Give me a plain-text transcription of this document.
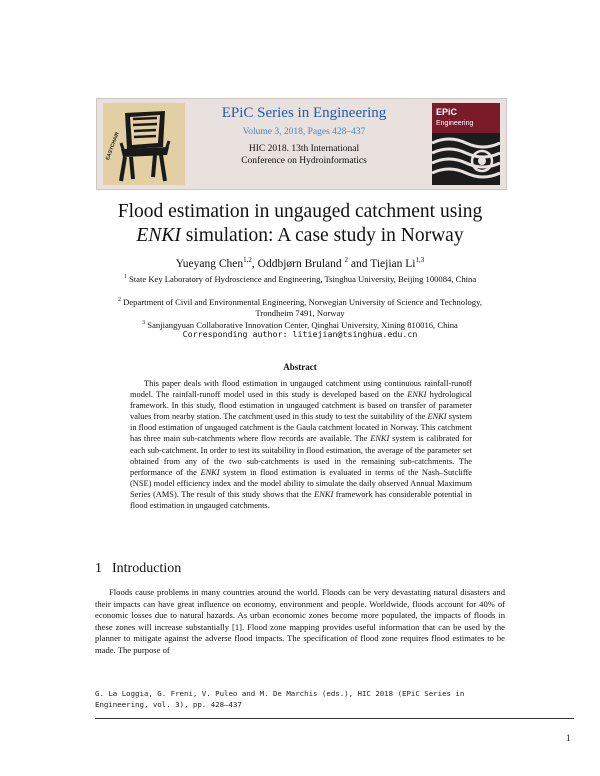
EASYCHAIR
EPiC Series in Engineering
Volume 3, 2018, Pages 428–437
HIC 2018. 13th International
Conference on Hydroinformatics
EPiC
Engineering
Flood estimation in ungauged catchment using
ENKI simulation: A case study in Norway
Yueyang Chen$^{1,2}$, Oddbjørn Bruland $^2$ and Tiejian Li$^{1,3}$
$^1$ State Key Laboratory of Hydroscience and Engineering, Tsinghua University, Beijing 100084, China
$^2$ Department of Civil and Environmental Engineering, Norwegian University of Science and Technology, Trondheim 7491, Norway
$^3$ Sanjiangyuan Collaborative Innovation Center, Qinghai University, Xining 810016, China
Corresponding author: litiejian@tsinghua.edu.cn
Abstract

This paper deals with flood estimation in ungauged catchment using continuous rainfall-runoff model. The rainfall-runoff model used in this study is developed based on the ENKI hydrological framework. In this study, flood estimation in ungauged catchment is based on transfer of parameter values from nearby station. The catchment used in this study to test the suitability of the ENKI system in flood estimation of ungauged catchment is the Gaula catchment located in Norway. This catchment has three main sub-catchments where flow records are available. The ENKI system is calibrated for each sub-catchment. In order to test its suitability in flood estimation, the average of the parameter set obtained from any of the two sub-catchments is used in the remaining sub-catchments. The performance of the ENKI system in flood estimation is evaluated in terms of the Nash–Sutcliffe (NSE) model efficiency index and the model ability to simulate the daily observed Annual Maximum Series (AMS). The result of this study shows that the ENKI framework has considerable potential in flood estimation in ungauged catchments.

1 Introduction

Floods cause problems in many countries around the world. Floods can be very devastating natural disasters and their impacts can have great influence on economy, environment and people. Worldwide, floods account for 40% of economic losses due to natural hazards. As urban economic zones become more populated, the impacts of floods in these zones will increase substantially [1]. Flood zone mapping provides useful information that can be used by the planner to mitigate against the adverse flood impacts. The specification of flood zone requires flood estimates to be made. The purpose of

G. La Loggia, G. Freni, V. Puleo and M. De Marchis (eds.), HIC 2018 (EPiC Series in Engineering, vol. 3), pp. 428–437

1
